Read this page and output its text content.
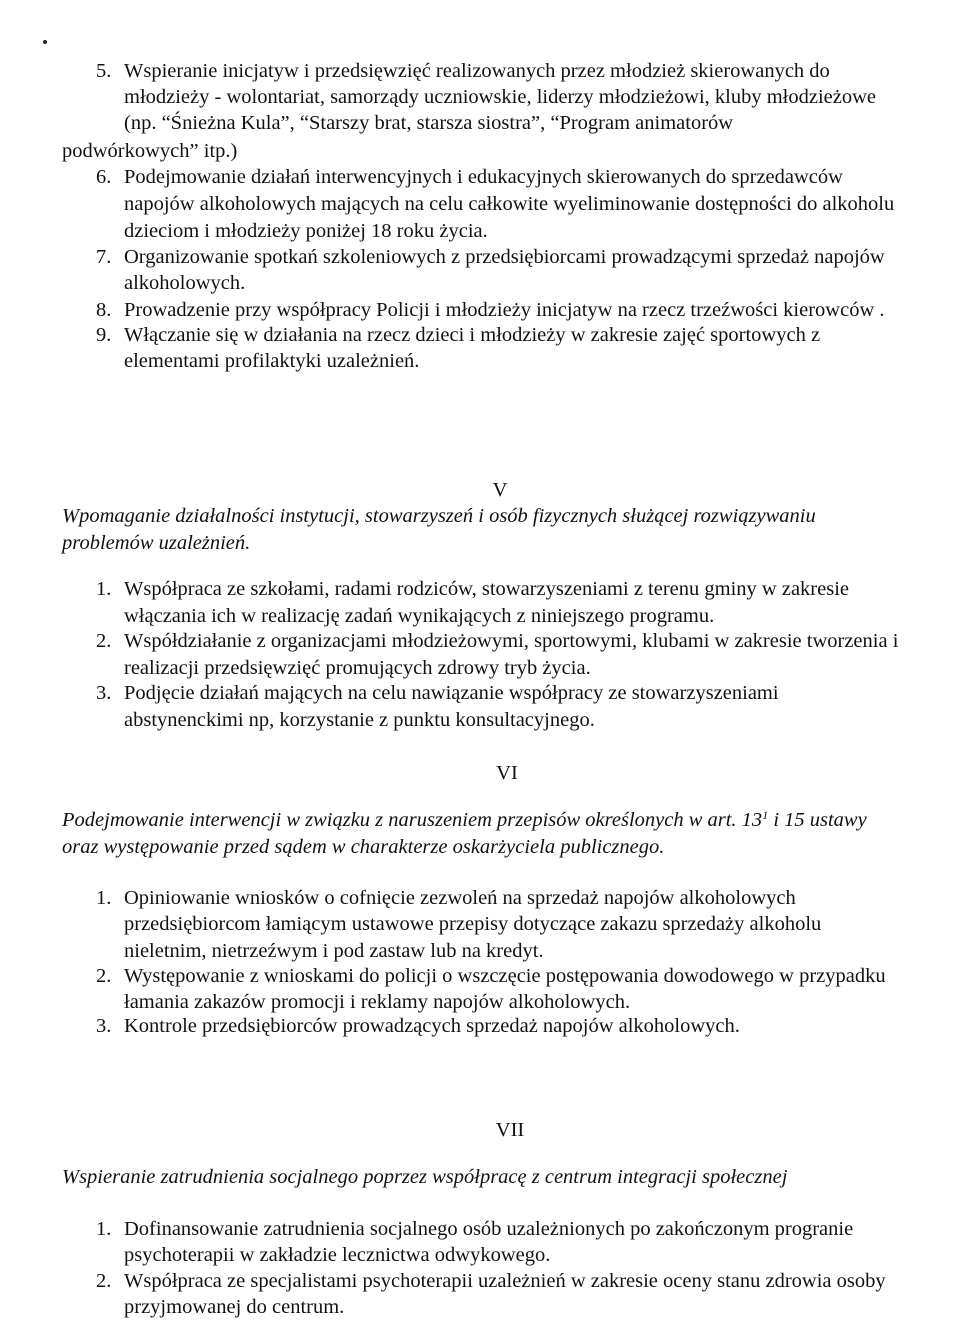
5. Wspieranie inicjatyw i przedsięwzięć realizowanych przez młodzież skierowanych do
młodzieży - wolontariat, samorządy uczniowskie, liderzy młodzieżowi, kluby młodzieżowe
(np. “Śnieżna Kula”, “Starszy brat, starsza siostra”, “Program animatorów
podwórkowych” itp.)
6. Podejmowanie działań interwencyjnych i edukacyjnych skierowanych do sprzedawców
napojów alkoholowych mających na celu całkowite wyeliminowanie dostępności do alkoholu
dzieciom i młodzieży poniżej 18 roku życia.
7. Organizowanie spotkań szkoleniowych z przedsiębiorcami prowadzącymi sprzedaż napojów
alkoholowych.
8. Prowadzenie przy współpracy Policji i młodzieży inicjatyw na rzecz trzeźwości kierowców .
9. Włączanie się w działania na rzecz dzieci i młodzieży w zakresie zajęć sportowych z
elementami profilaktyki uzależnień.
V
Wpomaganie działalności instytucji, stowarzyszeń i osób fizycznych służącej rozwiązywaniu
problemów uzależnień.
1. Współpraca ze szkołami, radami rodziców, stowarzyszeniami z terenu gminy w zakresie
włączania ich w realizację zadań wynikających z niniejszego programu.
2. Współdziałanie z organizacjami młodzieżowymi, sportowymi, klubami w zakresie tworzenia i
realizacji przedsięwzięć promujących zdrowy tryb życia.
3. Podjęcie działań mających na celu nawiązanie współpracy ze stowarzyszeniami
abstynenckimi np, korzystanie z punktu konsultacyjnego.
VI
Podejmowanie interwencji w związku z naruszeniem przepisów określonych w art. $13^1$ i 15 ustawy
oraz występowanie przed sądem w charakterze oskarżyciela publicznego.
1. Opiniowanie wniosków o cofnięcie zezwoleń na sprzedaż napojów alkoholowych
przedsiębiorcom łamiącym ustawowe przepisy dotyczące zakazu sprzedaży alkoholu
nieletnim, nietrzeźwym i pod zastaw lub na kredyt.
2. Występowanie z wnioskami do policji o wszczęcie postępowania dowodowego w przypadku
łamania zakazów promocji i reklamy napojów alkoholowych.
3. Kontrole przedsiębiorców prowadzących sprzedaż napojów alkoholowych.
VII
Wspieranie zatrudnienia socjalnego poprzez współpracę z centrum integracji społecznej
1. Dofinansowanie zatrudnienia socjalnego osób uzależnionych po zakończonym progranie
psychoterapii w zakładzie lecznictwa odwykowego.
2. Współpraca ze specjalistami psychoterapii uzależnień w zakresie oceny stanu zdrowia osoby
przyjmowanej do centrum.
